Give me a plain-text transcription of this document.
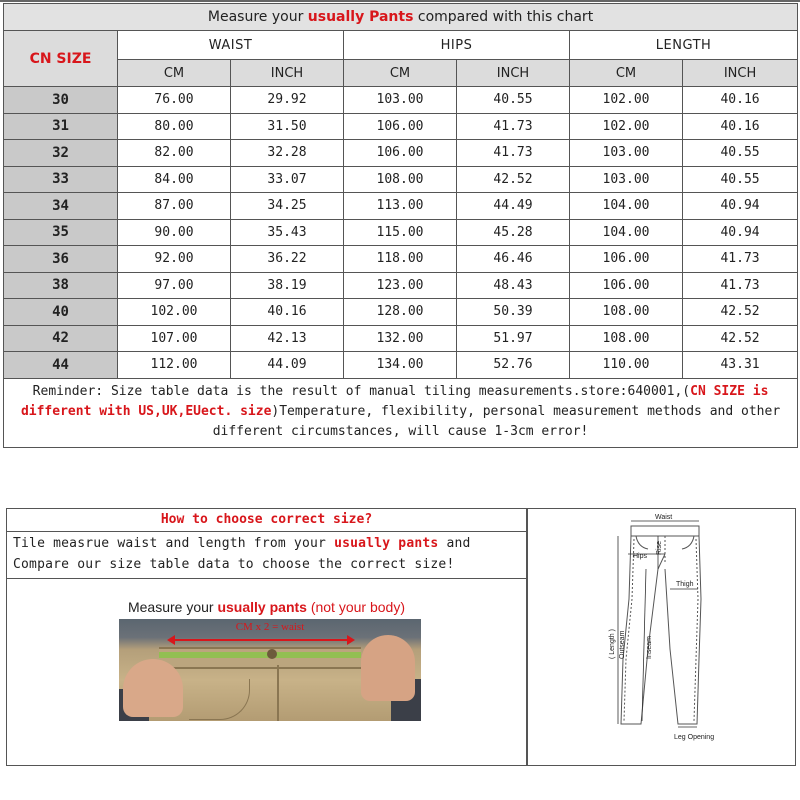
Measure your usually Pants compared with this chart						
CN SIZE	WAIST		HIPS		LENGTH	
	CM	INCH	CM	INCH	CM	INCH
30	76.00	29.92	103.00	40.55	102.00	40.16
31	80.00	31.50	106.00	41.73	102.00	40.16
32	82.00	32.28	106.00	41.73	103.00	40.55
33	84.00	33.07	108.00	42.52	103.00	40.55
34	87.00	34.25	113.00	44.49	104.00	40.94
35	90.00	35.43	115.00	45.28	104.00	40.94
36	92.00	36.22	118.00	46.46	106.00	41.73
38	97.00	38.19	123.00	48.43	106.00	41.73
40	102.00	40.16	128.00	50.39	108.00	42.52
42	107.00	42.13	132.00	51.97	108.00	42.52
44	112.00	44.09	134.00	52.76	110.00	43.31
Reminder: Size table data is the result of manual tiling measurements.store:640001,(CN SIZE is different with US,UK,EUect. size)Temperature, flexibility, personal measurement methods and other different circumstances, will cause 1-3cm error!						
How to choose correct size?
Tile measrue waist and length from your usually pants and Compare our size table data to choose the correct size!
Measure your usually pants (not your body)
CM x 2 = waist
Waist
Hips
Rise
Thigh
( Length ) Outseam	Inseam
Leg Opening
